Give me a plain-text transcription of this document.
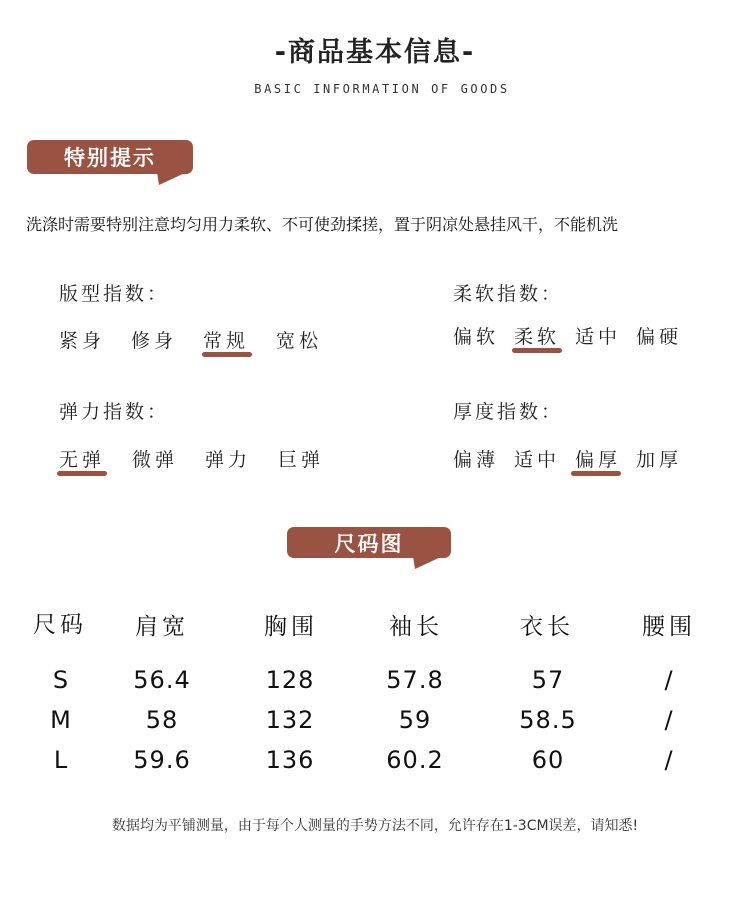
-商品基本信息-
BASIC INFORMATION OF GOODS
特别提示
洗涤时需要特别注意均匀用力柔软、不可使劲揉搓，置于阴凉处悬挂风干，不能机洗
版型指数：
紧身 修身 常规 宽松
柔软指数：
偏软 柔软 适中 偏硬
弹力指数：
无弹 微弹 弹力 巨弹
厚度指数：
偏薄 适中 偏厚 加厚
尺码图
尺码	肩宽	胸围	袖长	衣长	腰围
S	56.4	128	57.8	57	/
M	58	132	59	58.5	/
L	59.6	136	60.2	60	/
数据均为平铺测量，由于每个人测量的手势方法不同，允许存在1-3CM误差，请知悉!
